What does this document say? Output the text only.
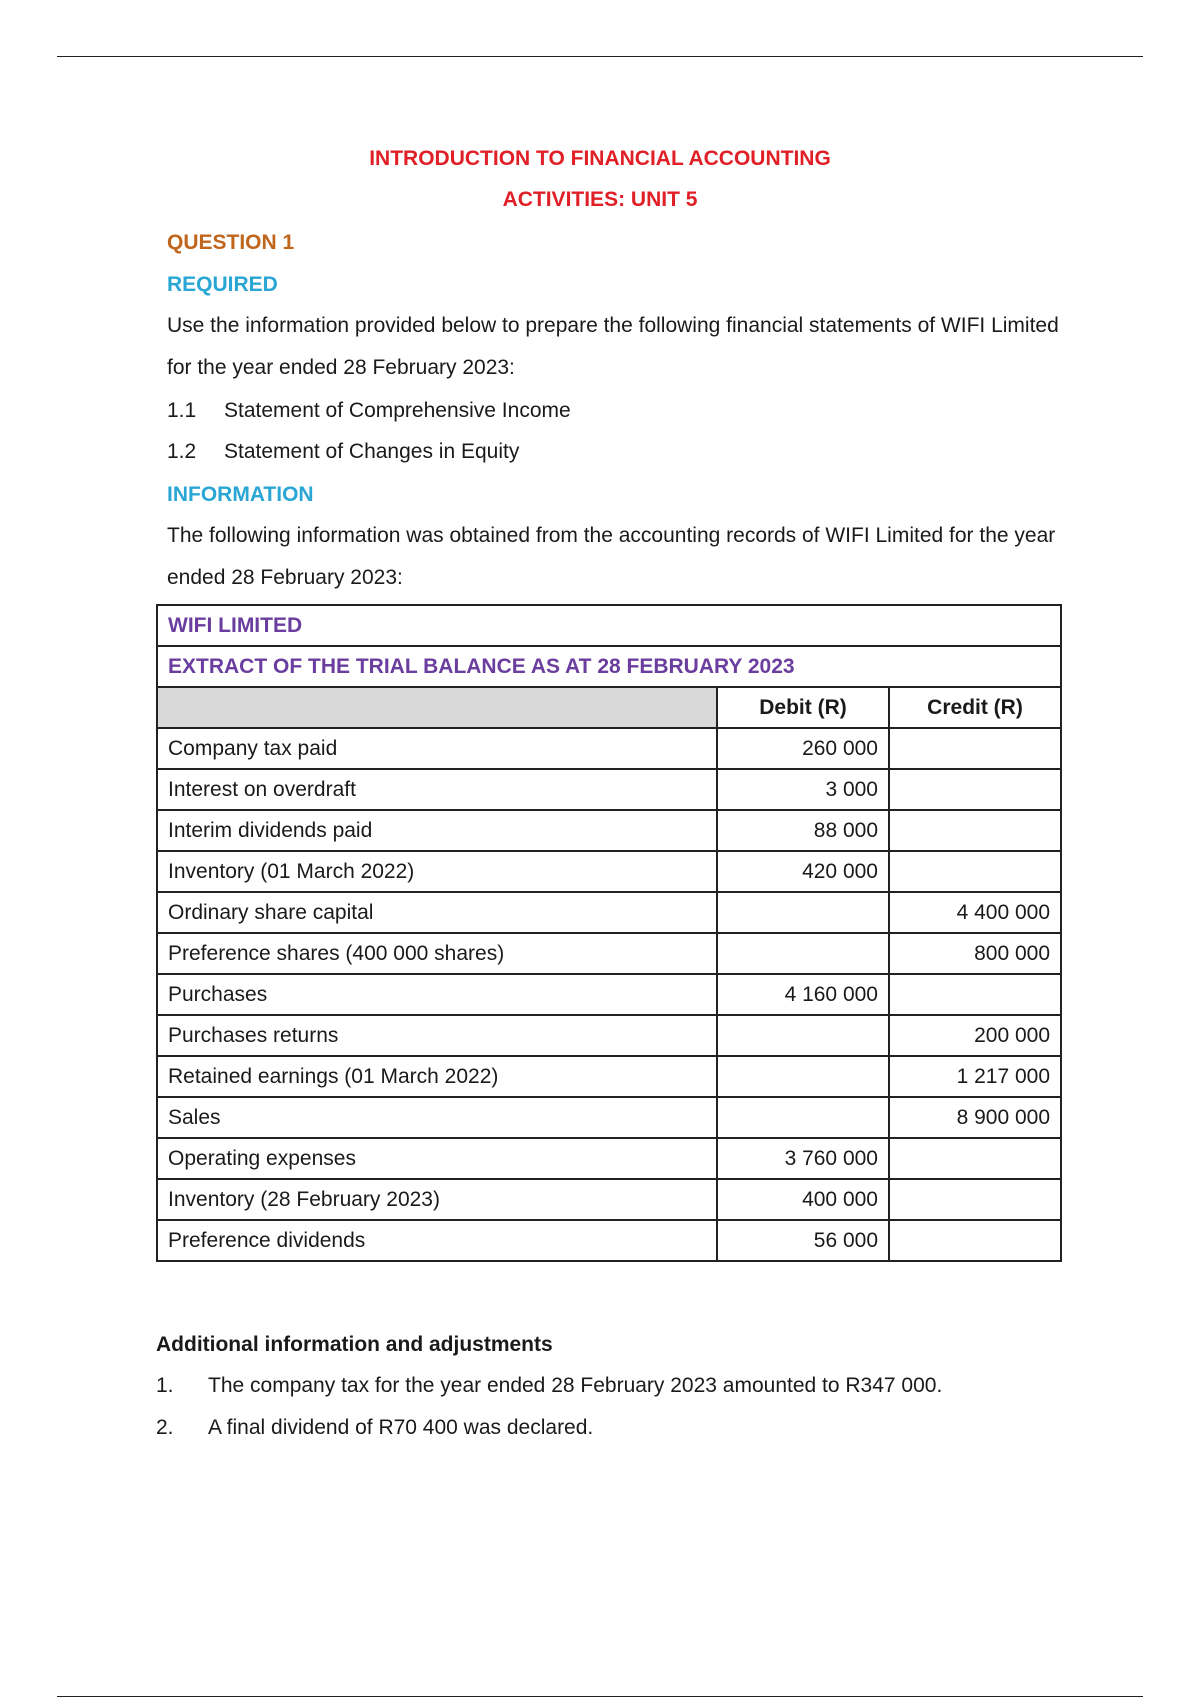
INTRODUCTION TO FINANCIAL ACCOUNTING
ACTIVITIES: UNIT 5
QUESTION 1
REQUIRED
Use the information provided below to prepare the following financial statements of WIFI Limited for the year ended 28 February 2023:
1.1 Statement of Comprehensive Income
1.2 Statement of Changes in Equity
INFORMATION
The following information was obtained from the accounting records of WIFI Limited for the year ended 28 February 2023:
WIFI LIMITED		
EXTRACT OF THE TRIAL BALANCE AS AT 28 FEBRUARY 2023		
	Debit (R)	Credit (R)
Company tax paid	260 000	
Interest on overdraft	3 000	
Interim dividends paid	88 000	
Inventory (01 March 2022)	420 000	
Ordinary share capital		4 400 000
Preference shares (400 000 shares)		800 000
Purchases	4 160 000	
Purchases returns		200 000
Retained earnings (01 March 2022)		1 217 000
Sales		8 900 000
Operating expenses	3 760 000	
Inventory (28 February 2023)	400 000	
Preference dividends	56 000	
Additional information and adjustments
1. The company tax for the year ended 28 February 2023 amounted to R347 000.
2. A final dividend of R70 400 was declared.
